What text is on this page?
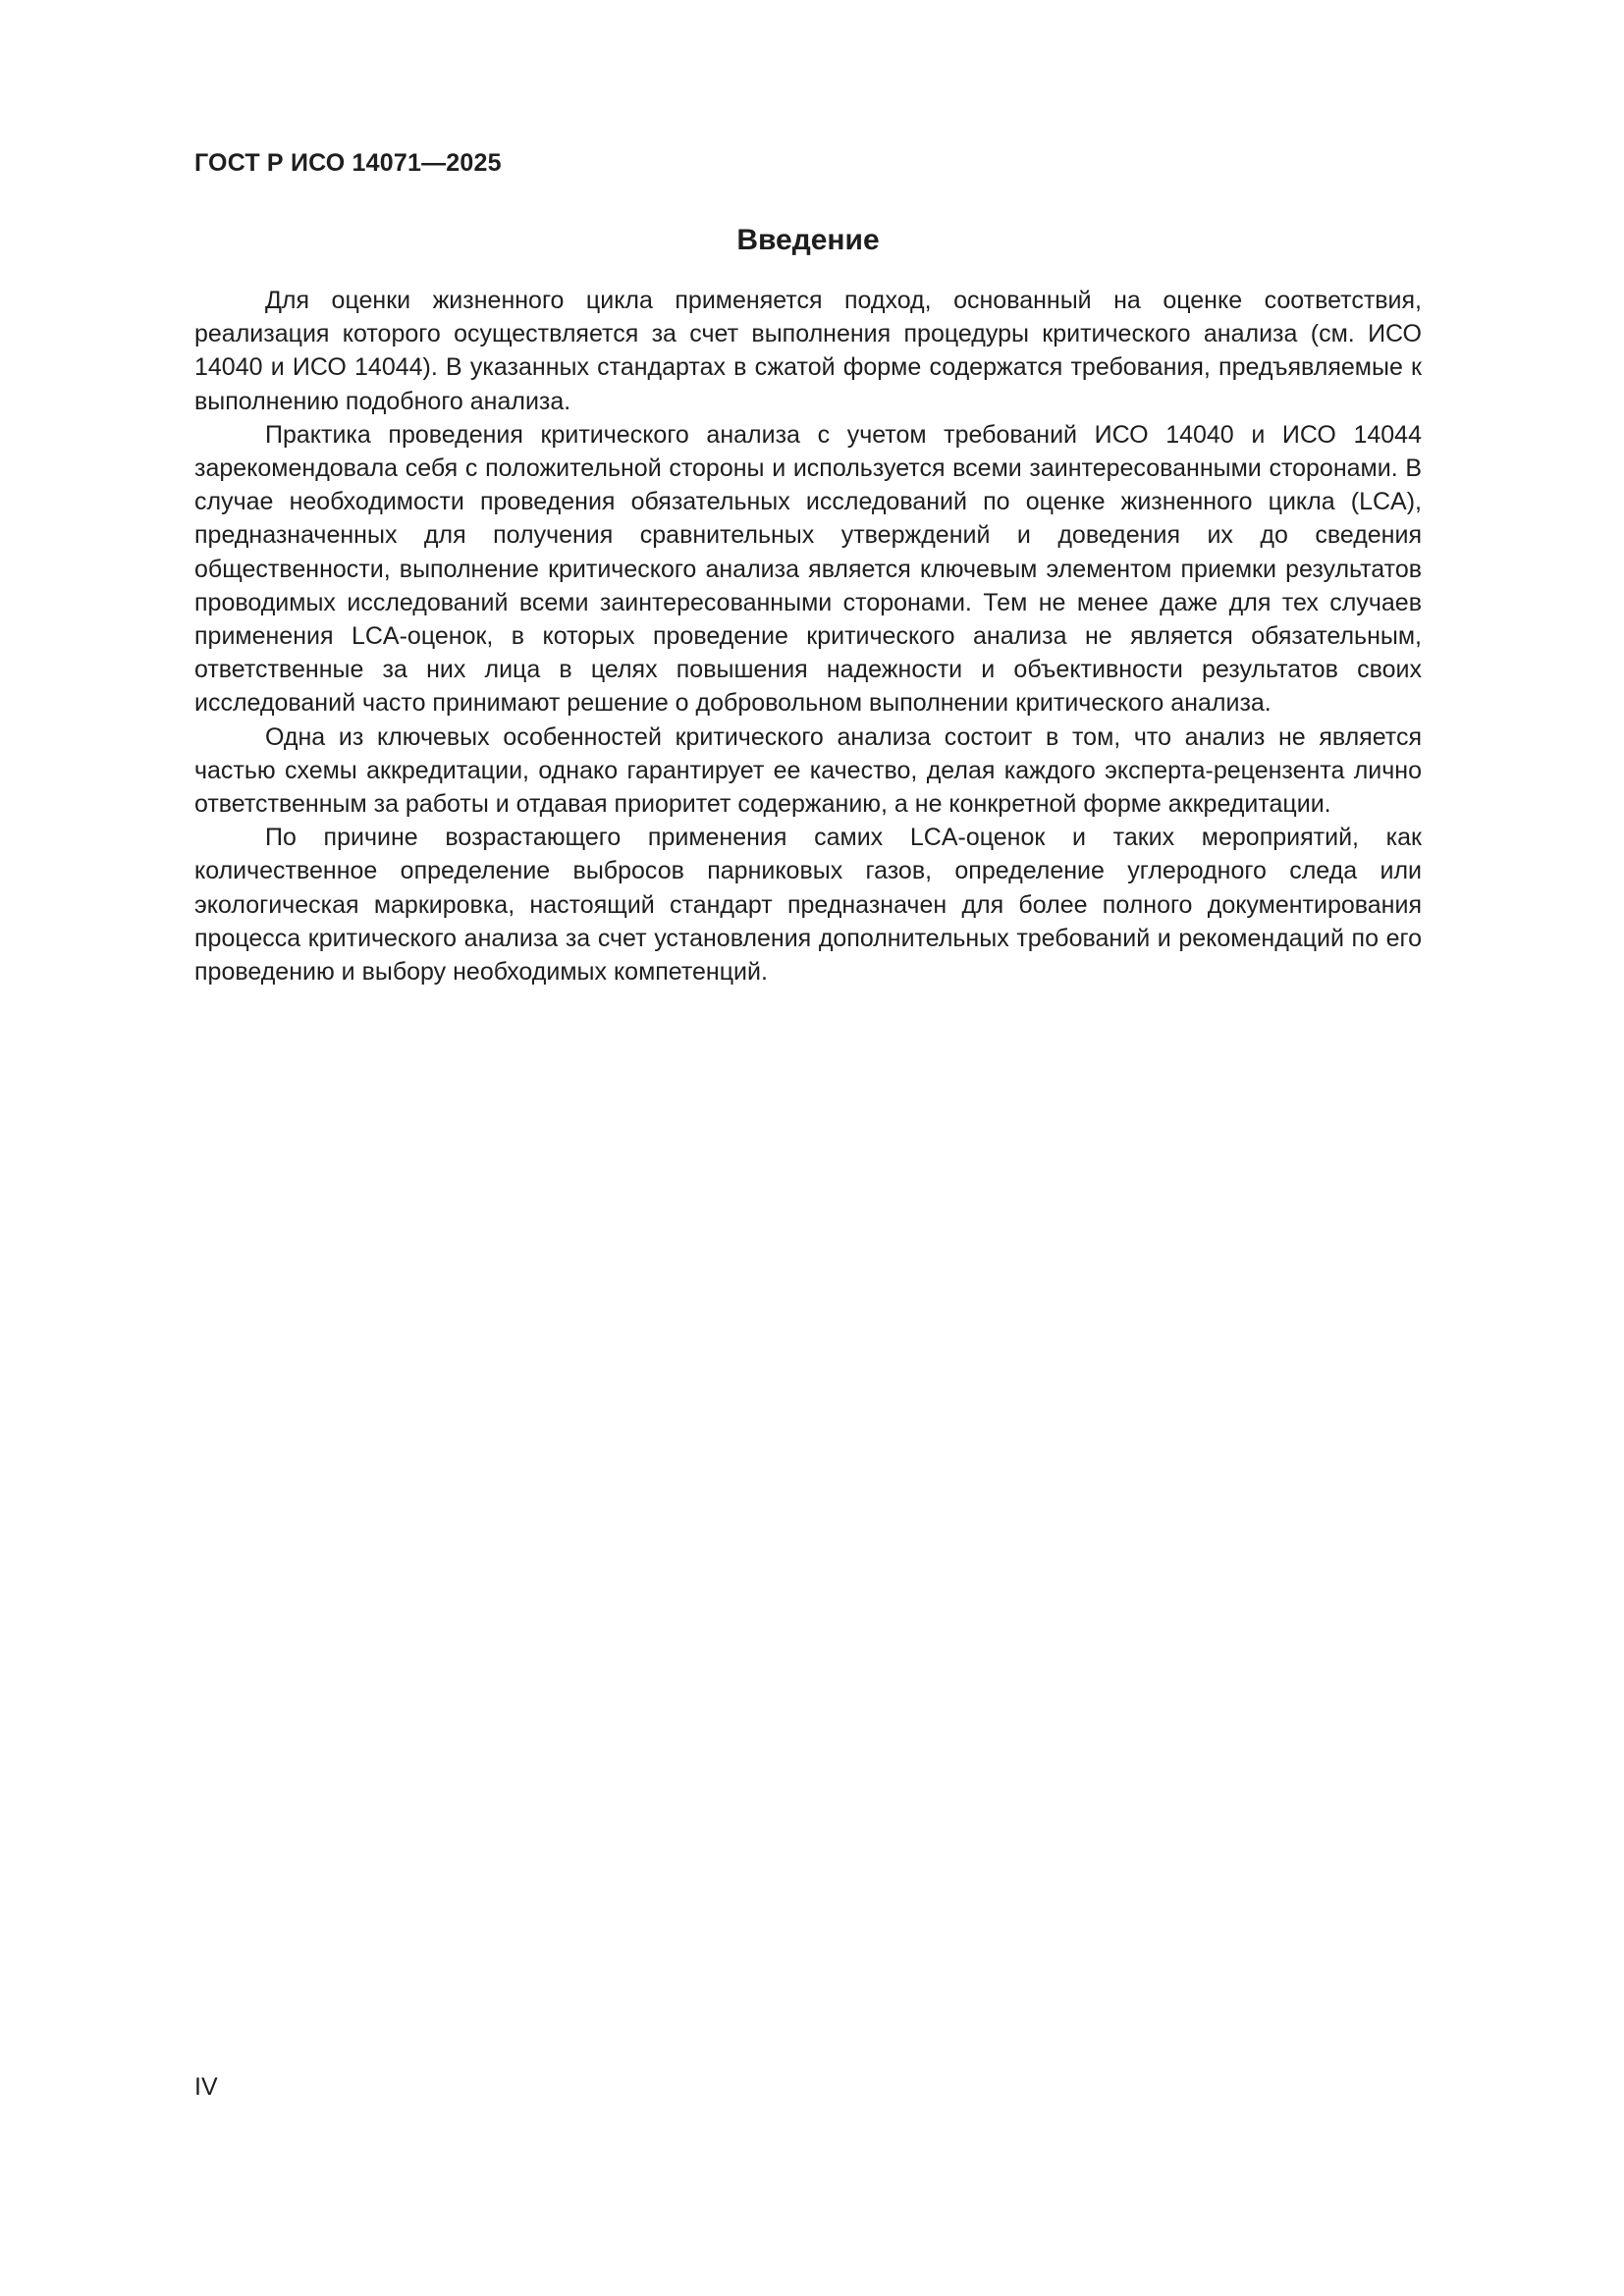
ГОСТ Р ИСО 14071—2025
Введение

Для оценки жизненного цикла применяется подход, основанный на оценке соответствия, реализация которого осуществляется за счет выполнения процедуры критического анализа (см. ИСО 14040 и ИСО 14044). В указанных стандартах в сжатой форме содержатся требования, предъявляемые к выполнению подобного анализа.

Практика проведения критического анализа с учетом требований ИСО 14040 и ИСО 14044 зарекомендовала себя с положительной стороны и используется всеми заинтересованными сторонами. В случае необходимости проведения обязательных исследований по оценке жизненного цикла (LCA), предназначенных для получения сравнительных утверждений и доведения их до сведения общественности, выполнение критического анализа является ключевым элементом приемки результатов проводимых исследований всеми заинтересованными сторонами. Тем не менее даже для тех случаев применения LCA-оценок, в которых проведение критического анализа не является обязательным, ответственные за них лица в целях повышения надежности и объективности результатов своих исследований часто принимают решение о добровольном выполнении критического анализа.

Одна из ключевых особенностей критического анализа состоит в том, что анализ не является частью схемы аккредитации, однако гарантирует ее качество, делая каждого эксперта-рецензента лично ответственным за работы и отдавая приоритет содержанию, а не конкретной форме аккредитации.

По причине возрастающего применения самих LCA-оценок и таких мероприятий, как количественное определение выбросов парниковых газов, определение углеродного следа или экологическая маркировка, настоящий стандарт предназначен для более полного документирования процесса критического анализа за счет установления дополнительных требований и рекомендаций по его проведению и выбору необходимых компетенций.

IV
